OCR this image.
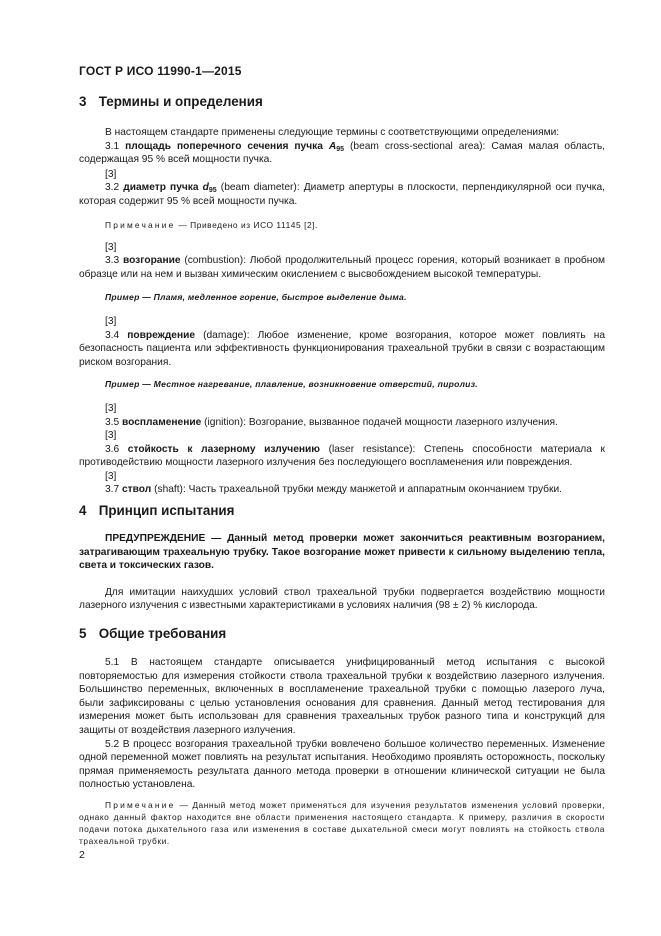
ГОСТ Р ИСО 11990-1—2015
3 Термины и определения

В настоящем стандарте применены следующие термины с соответствующими определениями:

3.1 площадь поперечного сечения пучка $A_{95}$ (beam cross-sectional area): Самая малая область, содержащая 95 % всей мощности пучка.

[3]

3.2 диаметр пучка $d_{95}$ (beam diameter): Диаметр апертуры в плоскости, перпендикулярной оси пучка, которая содержит 95 % всей мощности пучка.

Примечание — Приведено из ИСО 11145 [2].

[3]

3.3 возгорание (combustion): Любой продолжительный процесс горения, который возникает в пробном образце или на нем и вызван химическим окислением с высвобождением высокой температуры.

Пример — Пламя, медленное горение, быстрое выделение дыма.

[3]

3.4 повреждение (damage): Любое изменение, кроме возгорания, которое может повлиять на безопасность пациента или эффективность функционирования трахеальной трубки в связи с возрастающим риском возгорания.

Пример — Местное нагревание, плавление, возникновение отверстий, пиролиз.

[3]

3.5 воспламенение (ignition): Возгорание, вызванное подачей мощности лазерного излучения.

[3]

3.6 стойкость к лазерному излучению (laser resistance): Степень способности материала к противодействию мощности лазерного излучения без последующего воспламенения или повреждения.

[3]

3.7 ствол (shaft): Часть трахеальной трубки между манжетой и аппаратным окончанием трубки.

4 Принцип испытания

ПРЕДУПРЕЖДЕНИЕ — Данный метод проверки может закончиться реактивным возгоранием, затрагивающим трахеальную трубку. Такое возгорание может привести к сильному выделению тепла, света и токсических газов.

Для имитации наихудших условий ствол трахеальной трубки подвергается воздействию мощности лазерного излучения с известными характеристиками в условиях наличия (98 ± 2) % кислорода.

5 Общие требования

5.1 В настоящем стандарте описывается унифицированный метод испытания с высокой повторяемостью для измерения стойкости ствола трахеальной трубки к воздействию лазерного излучения. Большинство переменных, включенных в воспламенение трахеальной трубки с помощью лазерого луча, были зафиксированы с целью установления основания для сравнения. Данный метод тестирования для измерения может быть использован для сравнения трахеальных трубок разного типа и конструкций для защиты от воздействия лазерного излучения.

5.2 В процесс возгорания трахеальной трубки вовлечено большое количество переменных. Изменение одной переменной может повлиять на результат испытания. Необходимо проявлять осторожность, поскольку прямая применяемость результата данного метода проверки в отношении клинической ситуации не была полностью установлена.

Примечание — Данный метод может применяться для изучения результатов изменения условий проверки, однако данный фактор находится вне области применения настоящего стандарта. К примеру, различия в скорости подачи потока дыхательного газа или изменения в составе дыхательной смеси могут повлиять на стойкость ствола трахеальной трубки.

2
